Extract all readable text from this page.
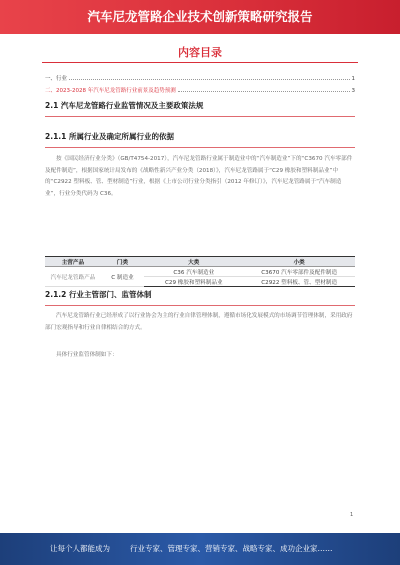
汽车尼龙管路企业技术创新策略研究报告
内容目录
一、行业	1
二、2023-2028 年汽车尼龙管路行业前景及趋势预测	3
2.1 汽车尼龙管路行业监管情况及主要政策法规
2.1.1 所属行业及确定所属行业的依据
按《国民经济行业分类》（GB/T4754-2017），汽车尼龙管路行业属于制造业中的“汽车制造业”下的“C3670 汽车零部件及配件制造”，根据国家统计局发布的《战略性新兴产业分类（2018）》，汽车尼龙管路属于“C29 橡胶和塑料制品业”中的“C2922 塑料板、管、型材制造”行业，根据《上市公司行业分类指引（2012 年修订）》，汽车尼龙管路属于“汽车制造业”，行业分类代码为 C36。
主营产品	门类	大类	小类
汽车尼龙管路产品	C 制造业	C36 汽车制造业	C3670 汽车零部件及配件制造
		C29 橡胶和塑料制品业	C2922 塑料板、管、型材制造
2.1.2 行业主管部门、监管体制
汽车尼龙管路行业已经形成了以行业协会为主的行业自律管理体制，遵循市场化发展模式的市场调节管理体制，采用政府部门宏观指导和行业自律相结合的方式。
具体行业监管体制如下：
1
让每个人都能成为	行业专家、管理专家、营销专家、战略专家、成功企业家……
